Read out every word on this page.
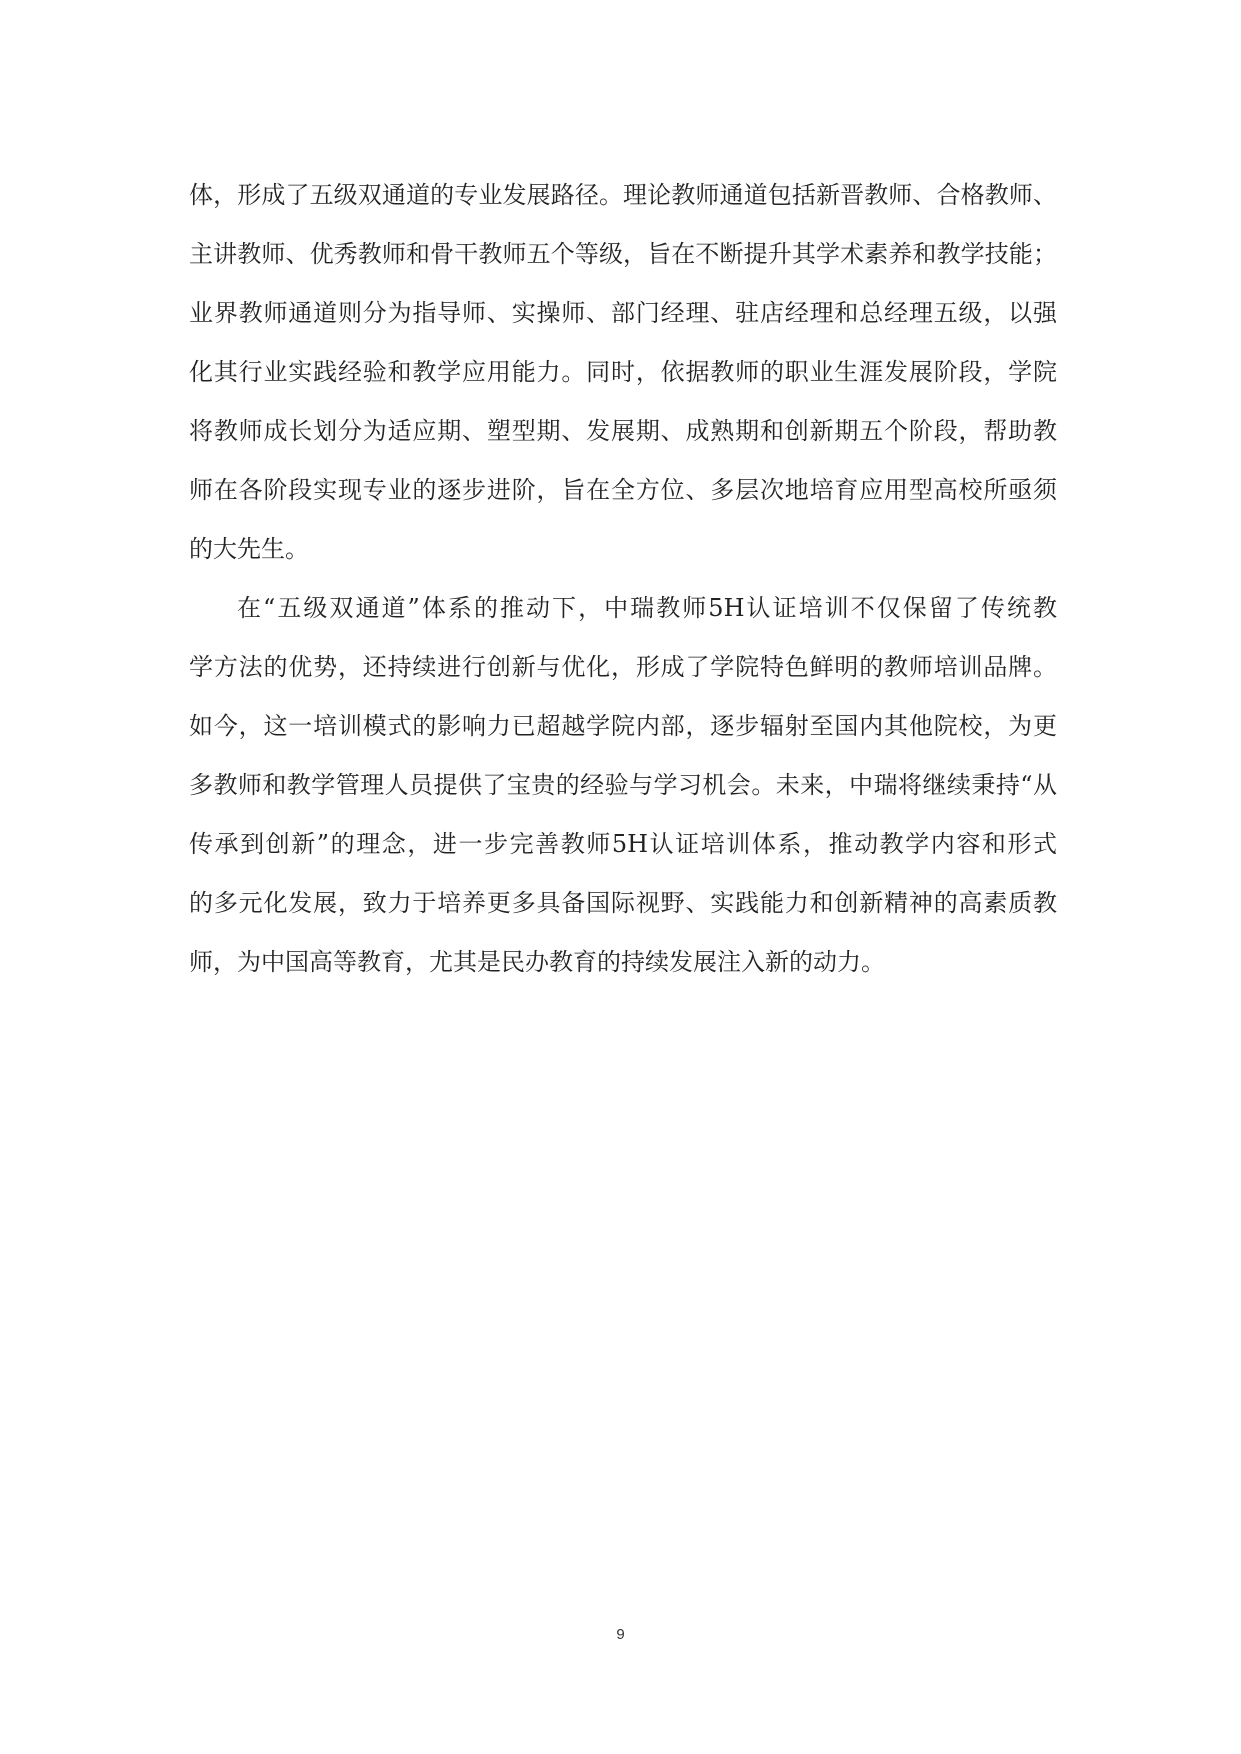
体，形成了五级双通道的专业发展路径。理论教师通道包括新晋教师、合格教师、
主讲教师、优秀教师和骨干教师五个等级，旨在不断提升其学术素养和教学技能；
业界教师通道则分为指导师、实操师、部门经理、驻店经理和总经理五级，以强
化其行业实践经验和教学应用能力。同时，依据教师的职业生涯发展阶段，学院
将教师成长划分为适应期、塑型期、发展期、成熟期和创新期五个阶段，帮助教
师在各阶段实现专业的逐步进阶，旨在全方位、多层次地培育应用型高校所亟须
的大先生。
在“五级双通道”体系的推动下，中瑞教师5H认证培训不仅保留了传统教
学方法的优势，还持续进行创新与优化，形成了学院特色鲜明的教师培训品牌。
如今，这一培训模式的影响力已超越学院内部，逐步辐射至国内其他院校，为更
多教师和教学管理人员提供了宝贵的经验与学习机会。未来，中瑞将继续秉持“从
传承到创新”的理念，进一步完善教师5H认证培训体系，推动教学内容和形式
的多元化发展，致力于培养更多具备国际视野、实践能力和创新精神的高素质教
师，为中国高等教育，尤其是民办教育的持续发展注入新的动力。
9
